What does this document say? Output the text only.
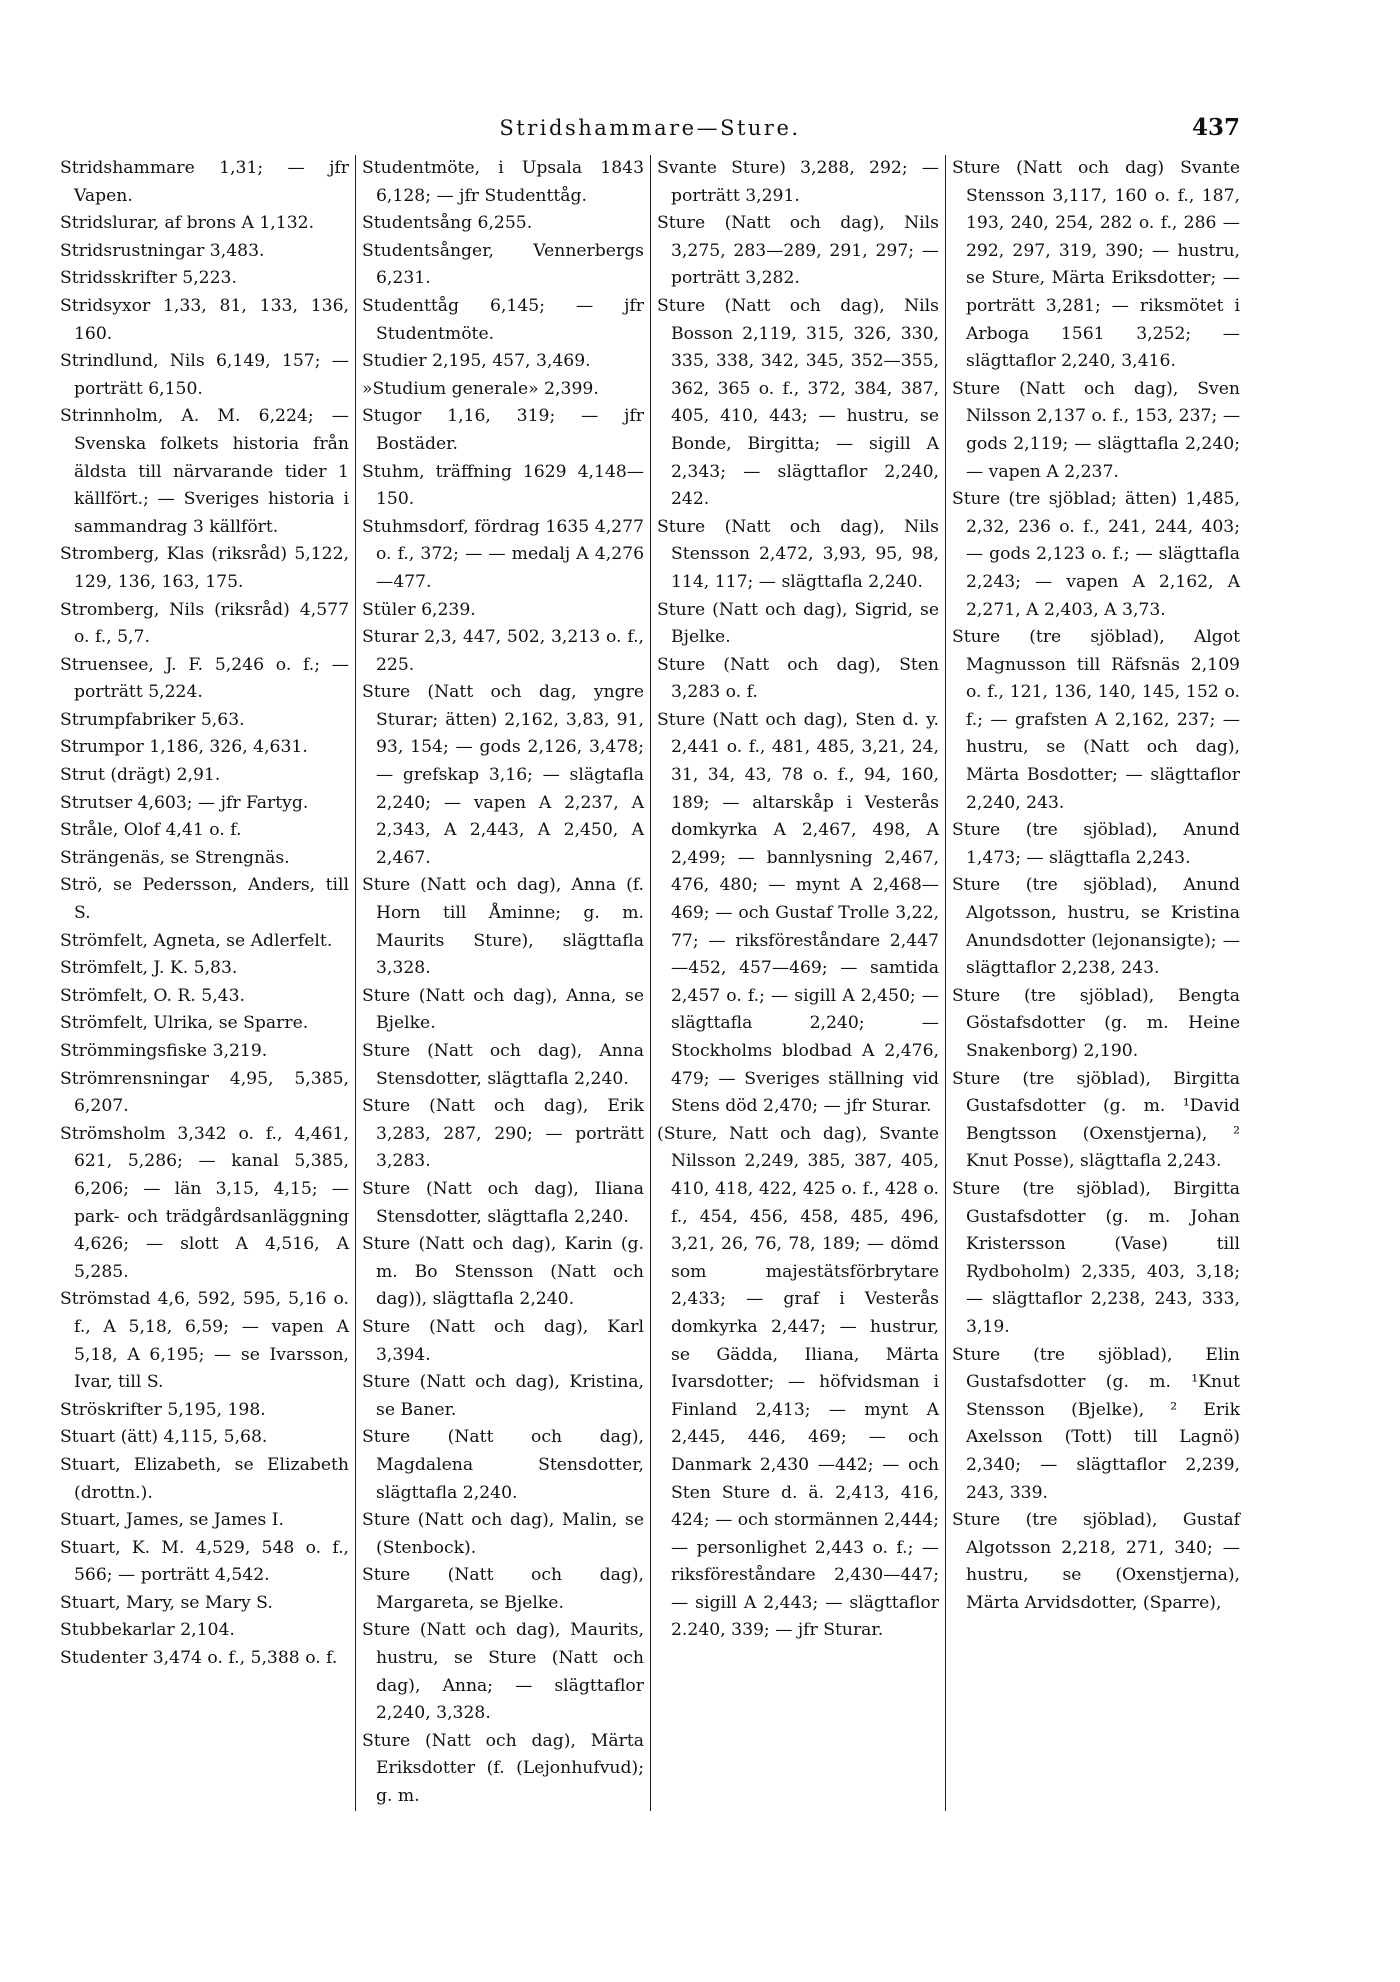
Stridshammare—Sture.	437

Stridshammare 1,31; — jfr Vapen.

Stridslurar, af brons A 1,132.

Stridsrustningar 3,483.

Stridsskrifter 5,223.

Stridsyxor 1,33, 81, 133, 136, 160.

Strindlund, Nils 6,149, 157; — porträtt 6,150.

Strinnholm, A. M. 6,224; — Svenska folkets historia från äldsta till närvarande tider 1 källfört.; — Sveriges historia i sammandrag 3 källfört.

Stromberg, Klas (riksråd) 5,122, 129, 136, 163, 175.

Stromberg, Nils (riksråd) 4,577 o. f., 5,7.

Struensee, J. F. 5,246 o. f.; — porträtt 5,224.

Strumpfabriker 5,63.

Strumpor 1,186, 326, 4,631.

Strut (drägt) 2,91.

Strutser 4,603; — jfr Fartyg.

Stråle, Olof 4,41 o. f.

Strängenäs, se Strengnäs.

Strö, se Pedersson, Anders, till S.

Strömfelt, Agneta, se Adlerfelt.

Strömfelt, J. K. 5,83.

Strömfelt, O. R. 5,43.

Strömfelt, Ulrika, se Sparre.

Strömmingsfiske 3,219.

Strömrensningar 4,95, 5,385, 6,207.

Strömsholm 3,342 o. f., 4,461, 621, 5,286; — kanal 5,385, 6,206; — län 3,15, 4,15; — park- och trädgårdsanläggning 4,626; — slott A 4,516, A 5,285.

Strömstad 4,6, 592, 595, 5,16 o. f., A 5,18, 6,59; — vapen A 5,18, A 6,195; — se Ivarsson, Ivar, till S.

Ströskrifter 5,195, 198.

Stuart (ätt) 4,115, 5,68.

Stuart, Elizabeth, se Elizabeth (drottn.).

Stuart, James, se James I.

Stuart, K. M. 4,529, 548 o. f., 566; — porträtt 4,542.

Stuart, Mary, se Mary S.

Stubbekarlar 2,104.

Studenter 3,474 o. f., 5,388 o. f.

Studentmöte, i Upsala 1843 6,128; — jfr Studenttåg.

Studentsång 6,255.

Studentsånger, Vennerbergs 6,231.

Studenttåg 6,145; — jfr Studentmöte.

Studier 2,195, 457, 3,469.

»Studium generale» 2,399.

Stugor 1,16, 319; — jfr Bostäder.

Stuhm, träffning 1629 4,148—150.

Stuhmsdorf, fördrag 1635 4,277 o. f., 372; — — medalj A 4,276—477.

Stüler 6,239.

Sturar 2,3, 447, 502, 3,213 o. f., 225.

Sture (Natt och dag, yngre Sturar; ätten) 2,162, 3,83, 91, 93, 154; — gods 2,126, 3,478; — grefskap 3,16; — slägtafla 2,240; — vapen A 2,237, A 2,343, A 2,443, A 2,450, A 2,467.

Sture (Natt och dag), Anna (f. Horn till Åminne; g. m. Maurits Sture), slägttafla 3,328.

Sture (Natt och dag), Anna, se Bjelke.

Sture (Natt och dag), Anna Stensdotter, slägttafla 2,240.

Sture (Natt och dag), Erik 3,283, 287, 290; — porträtt 3,283.

Sture (Natt och dag), Iliana Stensdotter, slägttafla 2,240.

Sture (Natt och dag), Karin (g. m. Bo Stensson (Natt och dag)), slägttafla 2,240.

Sture (Natt och dag), Karl 3,394.

Sture (Natt och dag), Kristina, se Baner.

Sture (Natt och dag), Magdalena Stensdotter, slägttafla 2,240.

Sture (Natt och dag), Malin, se (Stenbock).

Sture (Natt och dag), Margareta, se Bjelke.

Sture (Natt och dag), Maurits, hustru, se Sture (Natt och dag), Anna; — slägttaflor 2,240, 3,328.

Sture (Natt och dag), Märta Eriksdotter (f. (Lejonhufvud); g. m.

Svante Sture) 3,288, 292; — porträtt 3,291.

Sture (Natt och dag), Nils 3,275, 283—289, 291, 297; — porträtt 3,282.

Sture (Natt och dag), Nils Bosson 2,119, 315, 326, 330, 335, 338, 342, 345, 352—355, 362, 365 o. f., 372, 384, 387, 405, 410, 443; — hustru, se Bonde, Birgitta; — sigill A 2,343; — slägttaflor 2,240, 242.

Sture (Natt och dag), Nils Stensson 2,472, 3,93, 95, 98, 114, 117; — slägttafla 2,240.

Sture (Natt och dag), Sigrid, se Bjelke.

Sture (Natt och dag), Sten 3,283 o. f.

Sture (Natt och dag), Sten d. y. 2,441 o. f., 481, 485, 3,21, 24, 31, 34, 43, 78 o. f., 94, 160, 189; — altarskåp i Vesterås domkyrka A 2,467, 498, A 2,499; — bannlysning 2,467, 476, 480; — mynt A 2,468—469; — och Gustaf Trolle 3,22, 77; — riksföreståndare 2,447—452, 457—469; — samtida 2,457 o. f.; — sigill A 2,450; — slägttafla 2,240; — Stockholms blodbad A 2,476, 479; — Sveriges ställning vid Stens död 2,470; — jfr Sturar.

(Sture, Natt och dag), Svante Nilsson 2,249, 385, 387, 405, 410, 418, 422, 425 o. f., 428 o. f., 454, 456, 458, 485, 496, 3,21, 26, 76, 78, 189; — dömd som majestätsförbrytare 2,433; — graf i Vesterås domkyrka 2,447; — hustrur, se Gädda, Iliana, Märta Ivarsdotter; — höfvidsman i Finland 2,413; — mynt A 2,445, 446, 469; — och Danmark 2,430 —442; — och Sten Sture d. ä. 2,413, 416, 424; — och stormännen 2,444; — personlighet 2,443 o. f.; — riksföreståndare 2,430—447; — sigill A 2,443; — slägttaflor 2.240, 339; — jfr Sturar.

Sture (Natt och dag) Svante Stensson 3,117, 160 o. f., 187, 193, 240, 254, 282 o. f., 286 —292, 297, 319, 390; — hustru, se Sture, Märta Eriksdotter; — porträtt 3,281; — riksmötet i Arboga 1561 3,252; — slägttaflor 2,240, 3,416.

Sture (Natt och dag), Sven Nilsson 2,137 o. f., 153, 237; — gods 2,119; — slägttafla 2,240; — vapen A 2,237.

Sture (tre sjöblad; ätten) 1,485, 2,32, 236 o. f., 241, 244, 403; — gods 2,123 o. f.; — slägttafla 2,243; — vapen A 2,162, A 2,271, A 2,403, A 3,73.

Sture (tre sjöblad), Algot Magnusson till Räfsnäs 2,109 o. f., 121, 136, 140, 145, 152 o. f.; — grafsten A 2,162, 237; — hustru, se (Natt och dag), Märta Bosdotter; — slägttaflor 2,240, 243.

Sture (tre sjöblad), Anund 1,473; — slägttafla 2,243.

Sture (tre sjöblad), Anund Algotsson, hustru, se Kristina Anundsdotter (lejonansigte); — slägttaflor 2,238, 243.

Sture (tre sjöblad), Bengta Göstafsdotter (g. m. Heine Snakenborg) 2,190.

Sture (tre sjöblad), Birgitta Gustafsdotter (g. m. ¹David Bengtsson (Oxenstjerna), ² Knut Posse), slägttafla 2,243.

Sture (tre sjöblad), Birgitta Gustafsdotter (g. m. Johan Kristersson (Vase) till Rydboholm) 2,335, 403, 3,18; — slägttaflor 2,238, 243, 333, 3,19.

Sture (tre sjöblad), Elin Gustafsdotter (g. m. ¹Knut Stensson (Bjelke), ² Erik Axelsson (Tott) till Lagnö) 2,340; — slägttaflor 2,239, 243, 339.

Sture (tre sjöblad), Gustaf Algotsson 2,218, 271, 340; — hustru, se (Oxenstjerna), Märta Arvidsdotter, (Sparre),
